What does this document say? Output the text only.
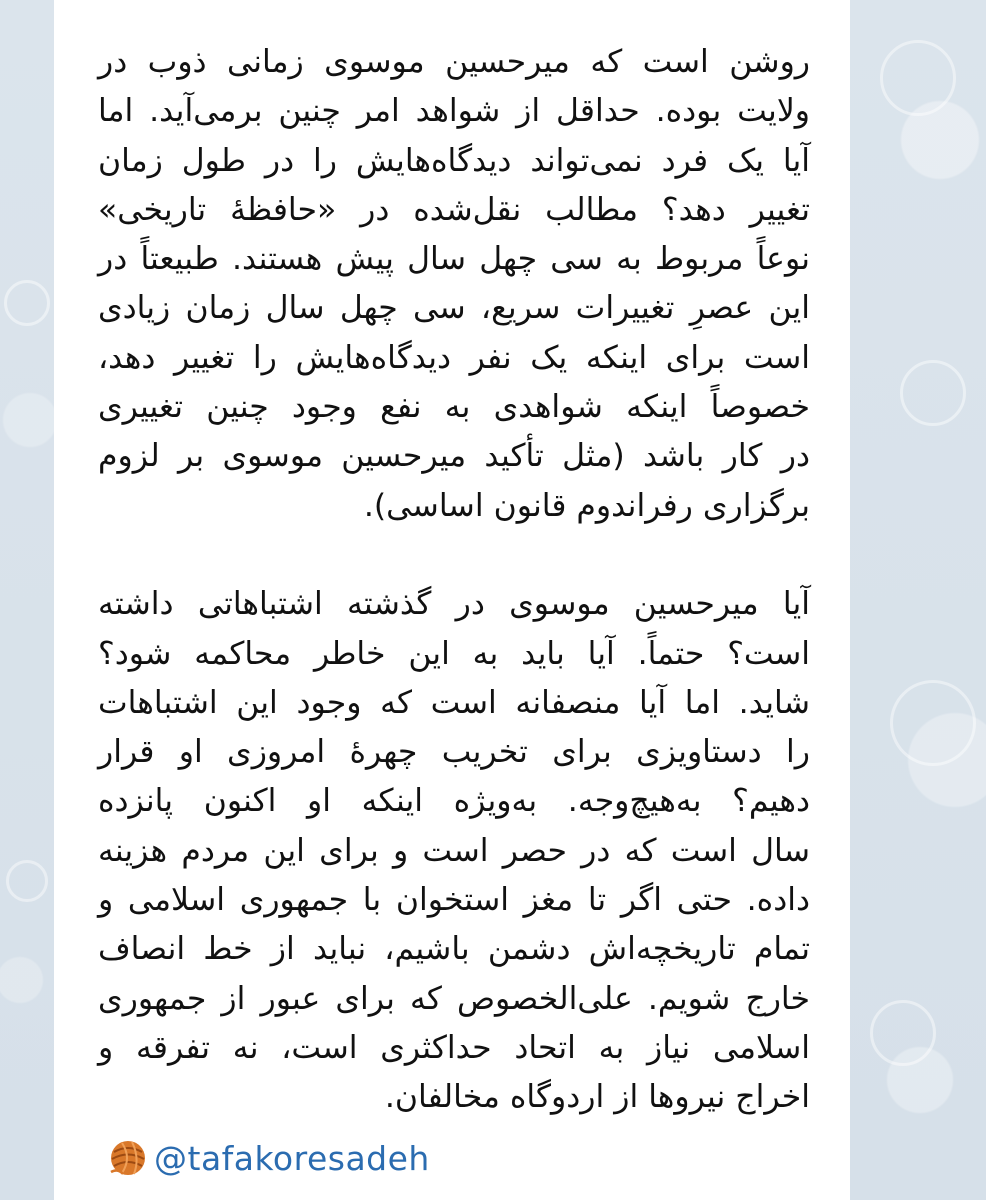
روشن است که میرحسین موسوی زمانی ذوب در
ولایت بوده. حداقل از شواهد امر چنین برمی‌آید. اما
آیا یک فرد نمی‌تواند دیدگاه‌هایش را در طول زمان
تغییر دهد؟ مطالب نقل‌شده در «حافظهٔ تاریخی»
نوعاً مربوط به سی چهل سال پیش هستند. طبیعتاً در
این عصرِ تغییرات سریع، سی چهل سال زمان زیادی
است برای اینکه یک نفر دیدگاه‌هایش را تغییر دهد،
خصوصاً اینکه شواهدی به نفع وجود چنین تغییری
در کار باشد (مثل تأکید میرحسین موسوی بر لزوم
برگزاری رفراندوم قانون اساسی).
آیا میرحسین موسوی در گذشته اشتباهاتی داشته
است؟ حتماً. آیا باید به این خاطر محاکمه شود؟
شاید. اما آیا منصفانه است که وجود این اشتباهات
را دستاویزی برای تخریب چهرهٔ امروزی او قرار
دهیم؟ به‌هیچ‌وجه. به‌ویژه اینکه او اکنون پانزده
سال است که در حصر است و برای این مردم هزینه
داده. حتی اگر تا مغز استخوان با جمهوری اسلامی و
تمام تاریخچه‌اش دشمن باشیم، نباید از خط انصاف
خارج شویم. علی‌الخصوص که برای عبور از جمهوری
اسلامی نیاز به اتحاد حداکثری است، نه تفرقه و
اخراج نیروها از اردوگاه مخالفان.
@tafakoresadeh
